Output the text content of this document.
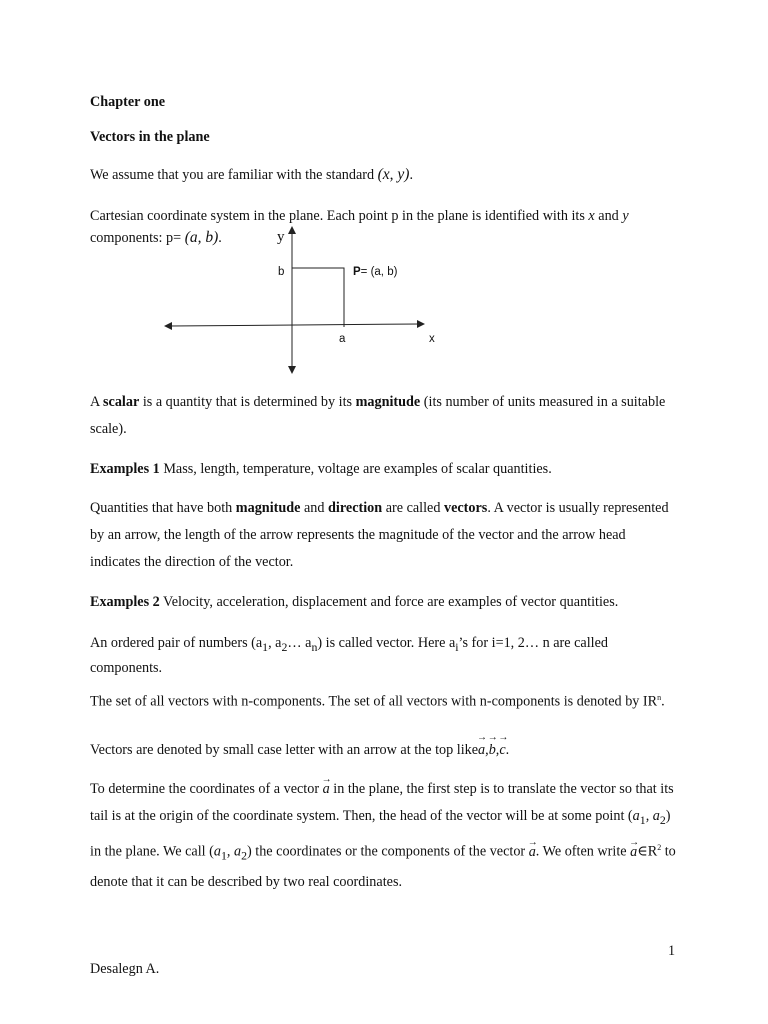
Chapter one
Vectors in the plane
We assume that you are familiar with the standard (x, y).
Cartesian coordinate system in the plane. Each point p in the plane is identified with its x and y
components: p= (a, b).	y
b	P= (a, b)
a	x
A scalar is a quantity that is determined by its magnitude (its number of units measured in a suitable scale).
Examples 1 Mass, length, temperature, voltage are examples of scalar quantities.
Quantities that have both magnitude and direction are called vectors. A vector is usually represented by an arrow, the length of the arrow represents the magnitude of the vector and the arrow head indicates the direction of the vector.
Examples 2 Velocity, acceleration, displacement and force are examples of vector quantities.
An ordered pair of numbers ($a_1$, $a_2\dots$ $a_n$) is called vector. Here $a_i’s$ for i=1, 2… n are called components.
The set of all vectors with n-components. The set of all vectors with n-components is denoted by $IR^n$.
Vectors are denoted by small case letter with an arrow at the top like→ a,→ b,→ c.
To determine the coordinates of a vector → a in the plane, the first step is to translate the vector so that its tail is at the origin of the coordinate system. Then, the head of the vector will be at some point ($a_1$, $a_2$) in the plane. We call ($a_1$, $a_2$) the coordinates or the components of the vector → a. We often write → $a\in R^2$ to denote that it can be described by two real coordinates.
1
Desalegn A.
